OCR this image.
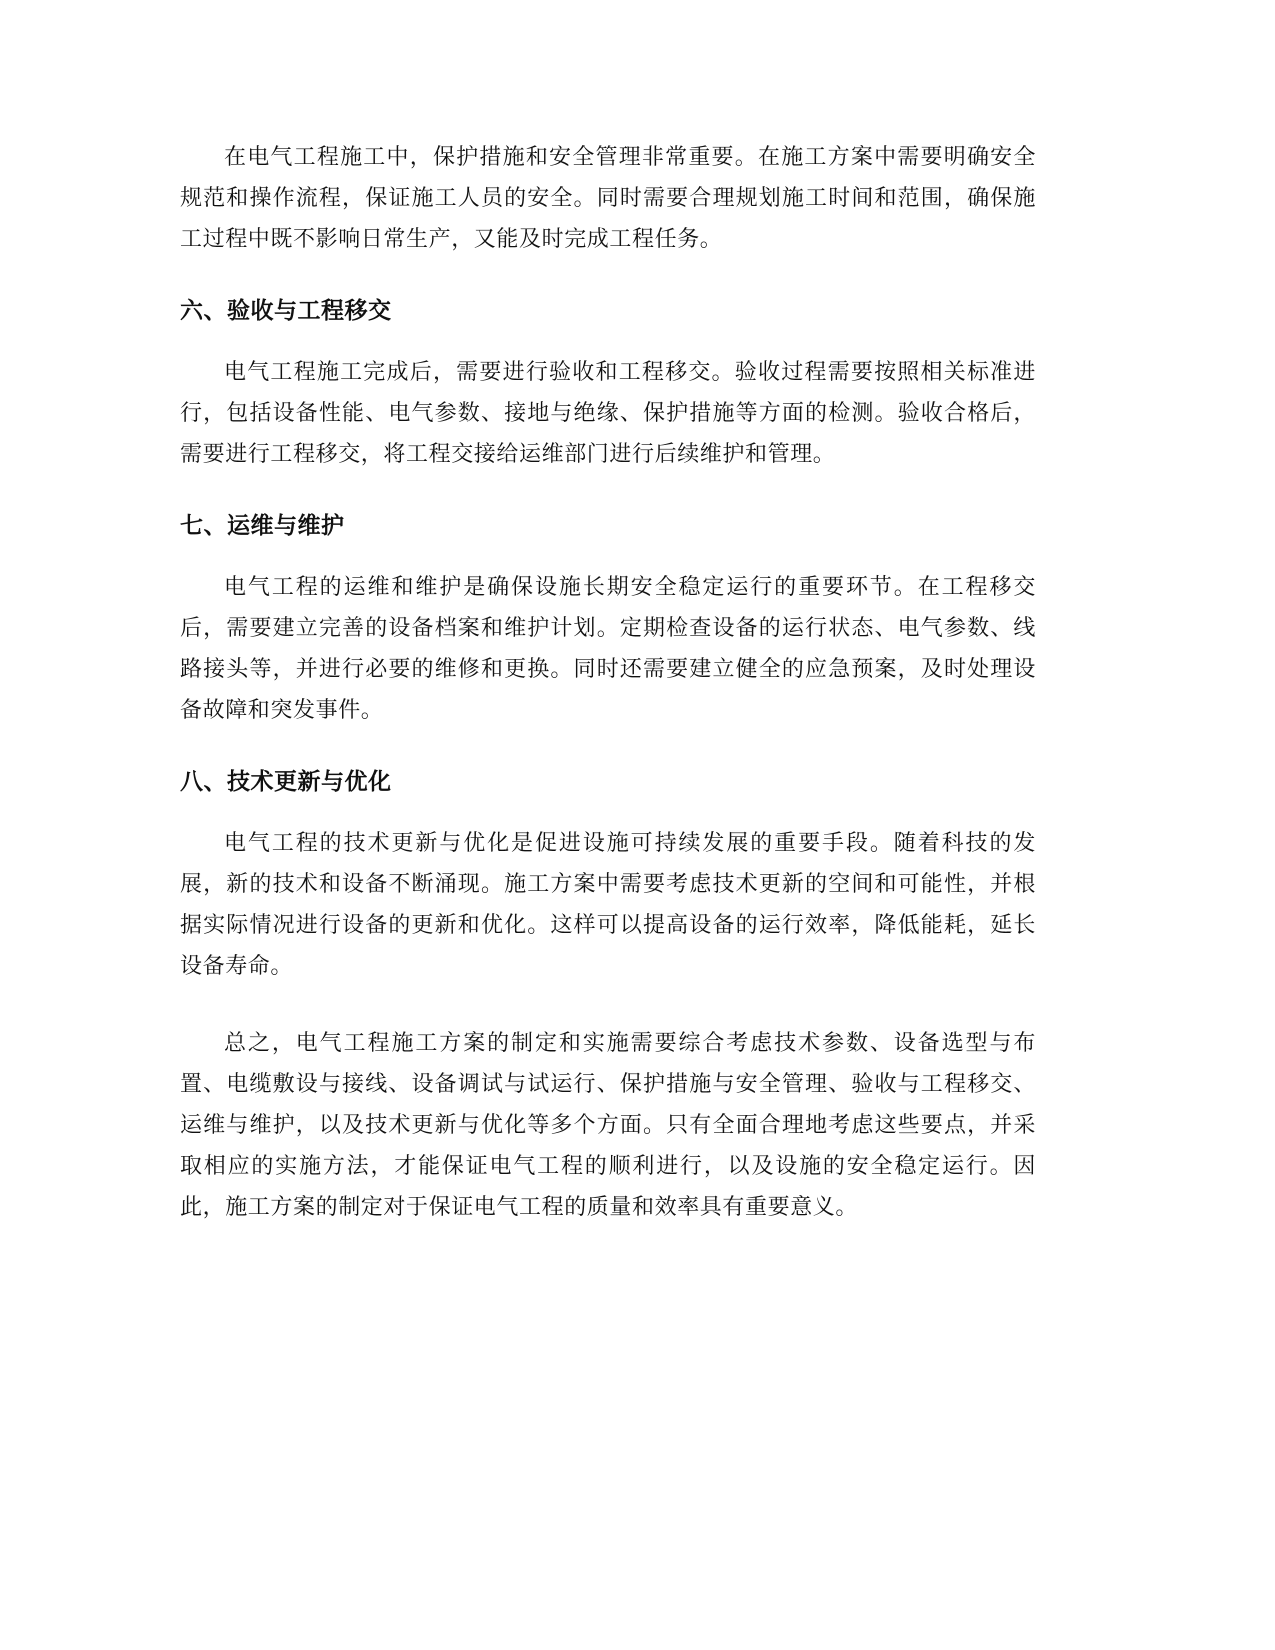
在电气工程施工中，保护措施和安全管理非常重要。在施工方案中需要明确安全规范和操作流程，保证施工人员的安全。同时需要合理规划施工时间和范围，确保施工过程中既不影响日常生产，又能及时完成工程任务。

六、验收与工程移交

电气工程施工完成后，需要进行验收和工程移交。验收过程需要按照相关标准进行，包括设备性能、电气参数、接地与绝缘、保护措施等方面的检测。验收合格后，需要进行工程移交，将工程交接给运维部门进行后续维护和管理。

七、运维与维护

电气工程的运维和维护是确保设施长期安全稳定运行的重要环节。在工程移交后，需要建立完善的设备档案和维护计划。定期检查设备的运行状态、电气参数、线路接头等，并进行必要的维修和更换。同时还需要建立健全的应急预案，及时处理设备故障和突发事件。

八、技术更新与优化

电气工程的技术更新与优化是促进设施可持续发展的重要手段。随着科技的发展，新的技术和设备不断涌现。施工方案中需要考虑技术更新的空间和可能性，并根据实际情况进行设备的更新和优化。这样可以提高设备的运行效率，降低能耗，延长设备寿命。

总之，电气工程施工方案的制定和实施需要综合考虑技术参数、设备选型与布置、电缆敷设与接线、设备调试与试运行、保护措施与安全管理、验收与工程移交、运维与维护，以及技术更新与优化等多个方面。只有全面合理地考虑这些要点，并采取相应的实施方法，才能保证电气工程的顺利进行，以及设施的安全稳定运行。因此，施工方案的制定对于保证电气工程的质量和效率具有重要意义。
